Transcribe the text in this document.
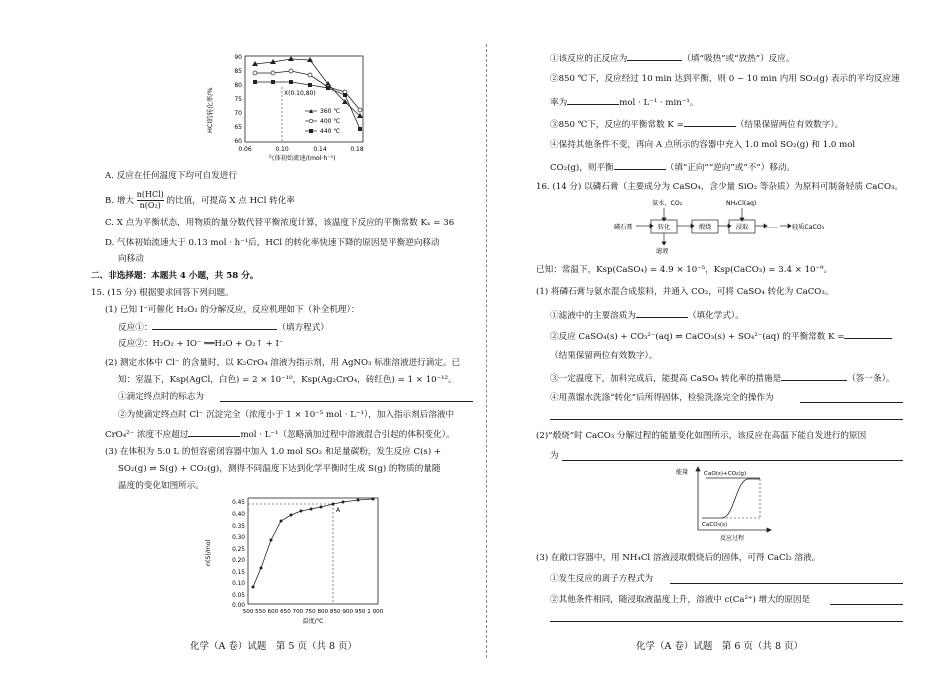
HCl的转化率/%
90
85
80
75
70
65
60
0.06	0.10	0.14	0.18
气体初始流速/(mol·h⁻¹)
X(0.10,80)
360 ℃
400 ℃
440 ℃
A. 反应在任何温度下均可自发进行
B. 增大
n(HCl)
n(O₂) 的比值，可提高 X 点 HCl 转化率
C. X 点为平衡状态，用物质的量分数代替平衡浓度计算，该温度下反应的平衡常数 Kₓ = 36
D. 气体初始流速大于 0.13 mol · h⁻¹后，HCl 的转化率快速下降的原因是平衡逆向移动
向移动
二、非选择题：本题共 4 小题，共 58 分。
15. (15 分) 根据要求回答下列问题。
(1) 已知 I⁻可催化 H₂O₂ 的分解反应，反应机理如下（补全机理）：
反应①：	（填方程式）
反应②：H₂O₂ + IO⁻ ══H₂O + O₂↑ + I⁻
(2) 测定水体中 Cl⁻ 的含量时，以 K₂CrO₄ 溶液为指示剂，用 AgNO₃ 标准溶液进行滴定。已
知：室温下，Ksp(AgCl，白色) = 2 × 10⁻¹⁰，Ksp(Ag₂CrO₄，砖红色) = 1 × 10⁻¹²。
①滴定终点时的标志为
②为使滴定终点时 Cl⁻ 沉淀完全（浓度小于 1 × 10⁻⁵ mol · L⁻¹），加入指示剂后溶液中
CrO₄²⁻ 浓度不应超过	mol · L⁻¹（忽略滴加过程中溶液混合引起的体积变化）。
(3) 在体积为 5.0 L 的恒容密闭容器中加入 1.0 mol SO₂ 和足量碳粉，发生反应 C(s) +
SO₂(g) ⇌ S(g) + CO₂(g)，测得不同温度下达到化学平衡时生成 S(g) 的物质的量随
温度的变化如图所示。
n(S)/mol
0.45
0.40
0.35
0.30
0.25
0.20
0.15
0.10
0.05
0.00
500 550 600 650 700 750 800 850 900 950 1 000
温度/℃
A
化学（A 卷）试题　第 5 页（共 8 页）
①该反应的正反应为	（填“吸热”或“放热”）反应。
②850 ℃下，反应经过 10 min 达到平衡，则 0 ~ 10 min 内用 SO₂(g) 表示的平均反应速
率为	mol · L⁻¹ · min⁻¹。
③850 ℃下，反应的平衡常数 K =	（结果保留两位有效数字）。
④保持其他条件不变，再向 A 点所示的容器中充入 1.0 mol SO₂(g) 和 1.0 mol
CO₂(g)，则平衡	（填“正向”“逆向”或“不”）移动。
16. (14 分) 以磷石膏（主要成分为 CaSO₄，含少量 SiO₂ 等杂质）为原料可制备轻质 CaCO₃。
氨水、CO₂	NH₄Cl(aq)
磷石膏	转化	煅烧	浸取	轻质CaCO₃
滤液
……
已知：常温下，Ksp(CaSO₄) = 4.9 × 10⁻⁵，Ksp(CaCO₃) = 3.4 × 10⁻⁹。
(1) 将磷石膏与氨水混合成浆料，并通入 CO₂，可将 CaSO₄ 转化为 CaCO₃。
①滤液中的主要溶质为	（填化学式）。
②反应 CaSO₄(s) + CO₃²⁻(aq) ⇌ CaCO₃(s) + SO₄²⁻(aq) 的平衡常数 K =
（结果保留两位有效数字）。
③一定温度下，加料完成后，能提高 CaSO₄ 转化率的措施是	（答一条）。
④用蒸馏水洗涤“转化”后所得固体，检验洗涤完全的操作为
(2)“煅烧”时 CaCO₃ 分解过程的能量变化如图所示，该反应在高温下能自发进行的原因
为
能量	CaO(s)+CO₂(g)
CaCO₃(s)
反应过程
(3) 在敞口容器中，用 NH₄Cl 溶液浸取煅烧后的固体，可得 CaCl₂ 溶液。
①发生反应的离子方程式为
②其他条件相同，随浸取液温度上升，溶液中 c(Ca²⁺) 增大的原因是
化学（A 卷）试题　第 6 页（共 8 页）
